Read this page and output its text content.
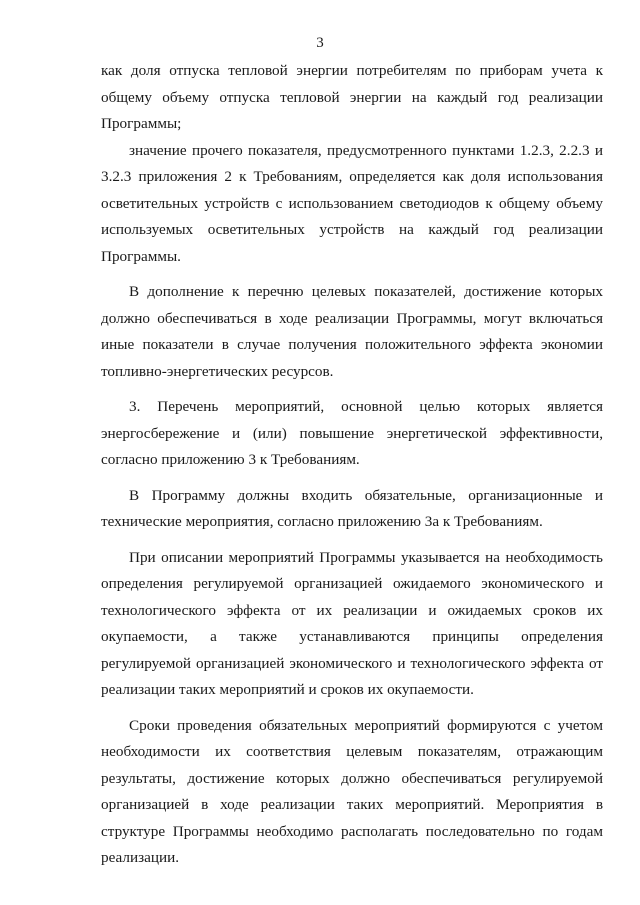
3

как доля отпуска тепловой энергии потребителям по приборам учета к общему объему отпуска тепловой энергии на каждый год реализации Программы;

значение прочего показателя, предусмотренного пунктами 1.2.3, 2.2.3 и 3.2.3 приложения 2 к Требованиям, определяется как доля использования осветительных устройств с использованием светодиодов к общему объему используемых осветительных устройств на каждый год реализации Программы.

В дополнение к перечню целевых показателей, достижение которых должно обеспечиваться в ходе реализации Программы, могут включаться иные показатели в случае получения положительного эффекта экономии топливно-энергетических ресурсов.

3. Перечень мероприятий, основной целью которых является энергосбережение и (или) повышение энергетической эффективности, согласно приложению 3 к Требованиям.

В Программу должны входить обязательные, организационные и технические мероприятия, согласно приложению 3а к Требованиям.

При описании мероприятий Программы указывается на необходимость определения регулируемой организацией ожидаемого экономического и технологического эффекта от их реализации и ожидаемых сроков их окупаемости, а также устанавливаются принципы определения регулируемой организацией экономического и технологического эффекта от реализации таких мероприятий и сроков их окупаемости.

Сроки проведения обязательных мероприятий формируются с учетом необходимости их соответствия целевым показателям, отражающим результаты, достижение которых должно обеспечиваться регулируемой организацией в ходе реализации таких мероприятий. Мероприятия в структуре Программы необходимо располагать последовательно по годам реализации.
